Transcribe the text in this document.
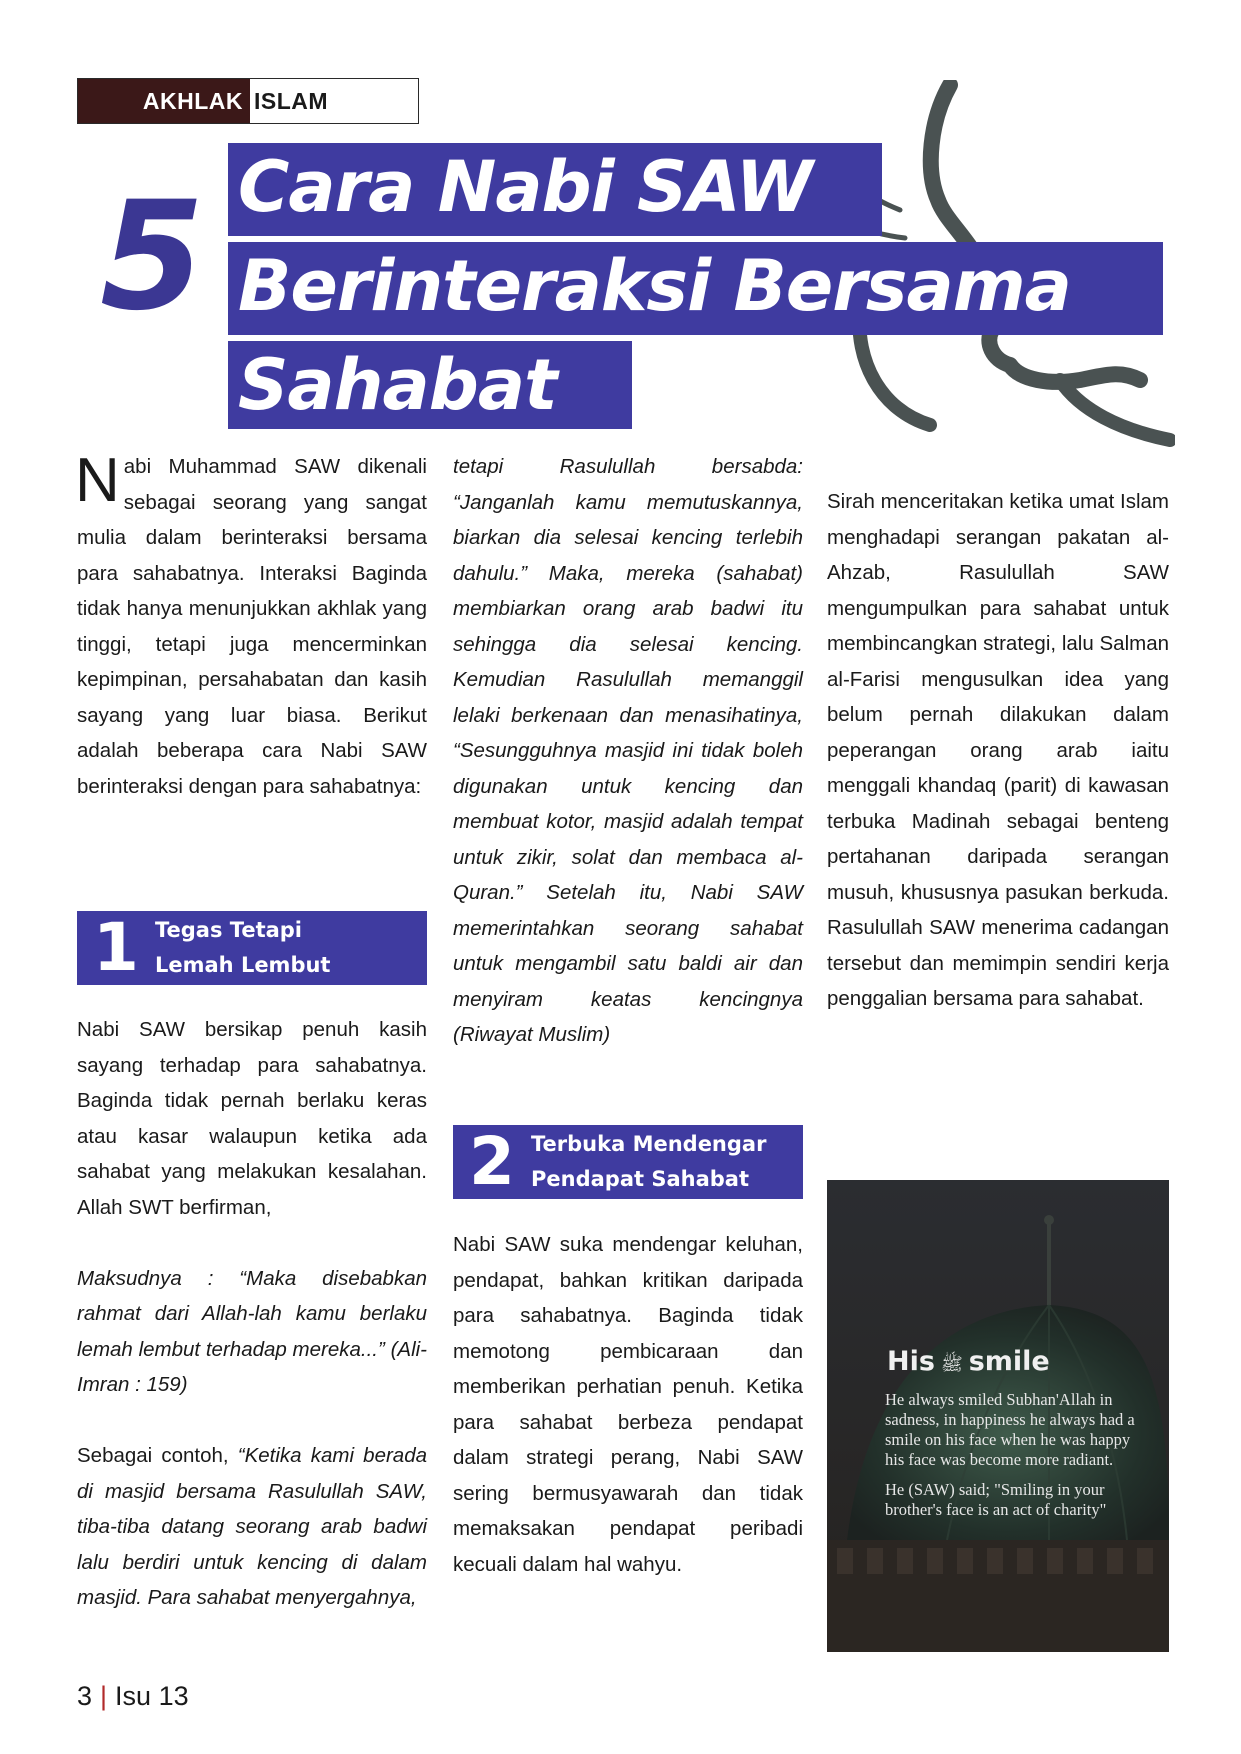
AKHLAK ISLAM
5 Cara Nabi SAW
Berinteraksi Bersama
Sahabat

Nabi Muhammad SAW dikenali sebagai seorang yang sangat mulia dalam berinteraksi bersama para sahabatnya. Interaksi Baginda tidak hanya menunjukkan akhlak yang tinggi, tetapi juga mencerminkan kepimpinan, persahabatan dan kasih sayang yang luar biasa. Berikut adalah beberapa cara Nabi SAW berinteraksi dengan para sahabatnya:

1 Tegas Tetapi
Lemah Lembut

Nabi SAW bersikap penuh kasih sayang terhadap para sahabatnya. Baginda tidak pernah berlaku keras atau kasar walaupun ketika ada sahabat yang melakukan kesalahan. Allah SWT berfirman,

Maksudnya : “Maka disebabkan rahmat dari Allah-lah kamu berlaku lemah lembut terhadap mereka...” (Ali-Imran : 159)

Sebagai contoh, “Ketika kami berada di masjid bersama Rasulullah SAW, tiba-tiba datang seorang arab badwi lalu berdiri untuk kencing di dalam masjid. Para sahabat menyergahnya,

tetapi Rasulullah bersabda: “Janganlah kamu memutuskannya, biarkan dia selesai kencing terlebih dahulu.” Maka, mereka (sahabat) membiarkan orang arab badwi itu sehingga dia selesai kencing. Kemudian Rasulullah memanggil lelaki berkenaan dan menasihatinya, “Sesungguhnya masjid ini tidak boleh digunakan untuk kencing dan membuat kotor, masjid adalah tempat untuk zikir, solat dan membaca al-Quran.” Setelah itu, Nabi SAW memerintahkan seorang sahabat untuk mengambil satu baldi air dan menyiram keatas kencingnya (Riwayat Muslim)

2 Terbuka Mendengar
Pendapat Sahabat

Nabi SAW suka mendengar keluhan, pendapat, bahkan kritikan daripada para sahabatnya. Baginda tidak memotong pembicaraan dan memberikan perhatian penuh. Ketika para sahabat berbeza pendapat dalam strategi perang, Nabi SAW sering bermusyawarah dan tidak memaksakan pendapat peribadi kecuali dalam hal wahyu.

Sirah menceritakan ketika umat Islam menghadapi serangan pakatan al-Ahzab, Rasulullah SAW mengumpulkan para sahabat untuk membincangkan strategi, lalu Salman al-Farisi mengusulkan idea yang belum pernah dilakukan dalam peperangan orang arab iaitu menggali khandaq (parit) di kawasan terbuka Madinah sebagai benteng pertahanan daripada serangan musuh, khususnya pasukan berkuda. Rasulullah SAW menerima cadangan tersebut dan memimpin sendiri kerja penggalian bersama para sahabat.

His ﷺ smile

He always smiled Subhan'Allah in sadness, in happiness he always had a smile on his face when he was happy his face was become more radiant.

He (SAW) said; "Smiling in your brother's face is an act of charity"

3 | Isu 13
